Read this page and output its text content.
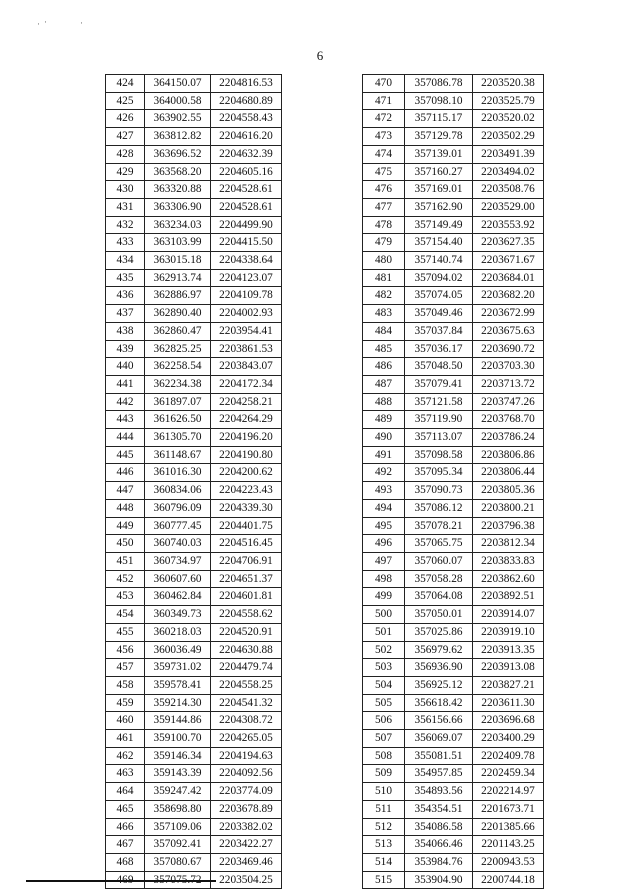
· ·	·
6
424	364150.07	2204816.53
425	364000.58	2204680.89
426	363902.55	2204558.43
427	363812.82	2204616.20
428	363696.52	2204632.39
429	363568.20	2204605.16
430	363320.88	2204528.61
431	363306.90	2204528.61
432	363234.03	2204499.90
433	363103.99	2204415.50
434	363015.18	2204338.64
435	362913.74	2204123.07
436	362886.97	2204109.78
437	362890.40	2204002.93
438	362860.47	2203954.41
439	362825.25	2203861.53
440	362258.54	2203843.07
441	362234.38	2204172.34
442	361897.07	2204258.21
443	361626.50	2204264.29
444	361305.70	2204196.20
445	361148.67	2204190.80
446	361016.30	2204200.62
447	360834.06	2204223.43
448	360796.09	2204339.30
449	360777.45	2204401.75
450	360740.03	2204516.45
451	360734.97	2204706.91
452	360607.60	2204651.37
453	360462.84	2204601.81
454	360349.73	2204558.62
455	360218.03	2204520.91
456	360036.49	2204630.88
457	359731.02	2204479.74
458	359578.41	2204558.25
459	359214.30	2204541.32
460	359144.86	2204308.72
461	359100.70	2204265.05
462	359146.34	2204194.63
463	359143.39	2204092.56
464	359247.42	2203774.09
465	358698.80	2203678.89
466	357109.06	2203382.02
467	357092.41	2203422.27
468	357080.67	2203469.46
469	357075.72	2203504.25
470	357086.78	2203520.38
471	357098.10	2203525.79
472	357115.17	2203520.02
473	357129.78	2203502.29
474	357139.01	2203491.39
475	357160.27	2203494.02
476	357169.01	2203508.76
477	357162.90	2203529.00
478	357149.49	2203553.92
479	357154.40	2203627.35
480	357140.74	2203671.67
481	357094.02	2203684.01
482	357074.05	2203682.20
483	357049.46	2203672.99
484	357037.84	2203675.63
485	357036.17	2203690.72
486	357048.50	2203703.30
487	357079.41	2203713.72
488	357121.58	2203747.26
489	357119.90	2203768.70
490	357113.07	2203786.24
491	357098.58	2203806.86
492	357095.34	2203806.44
493	357090.73	2203805.36
494	357086.12	2203800.21
495	357078.21	2203796.38
496	357065.75	2203812.34
497	357060.07	2203833.83
498	357058.28	2203862.60
499	357064.08	2203892.51
500	357050.01	2203914.07
501	357025.86	2203919.10
502	356979.62	2203913.35
503	356936.90	2203913.08
504	356925.12	2203827.21
505	356618.42	2203611.30
506	356156.66	2203696.68
507	356069.07	2203400.29
508	355081.51	2202409.78
509	354957.85	2202459.34
510	354893.56	2202214.97
511	354354.51	2201673.71
512	354086.58	2201385.66
513	354066.46	2201143.25
514	353984.76	2200943.53
515	353904.90	2200744.18
